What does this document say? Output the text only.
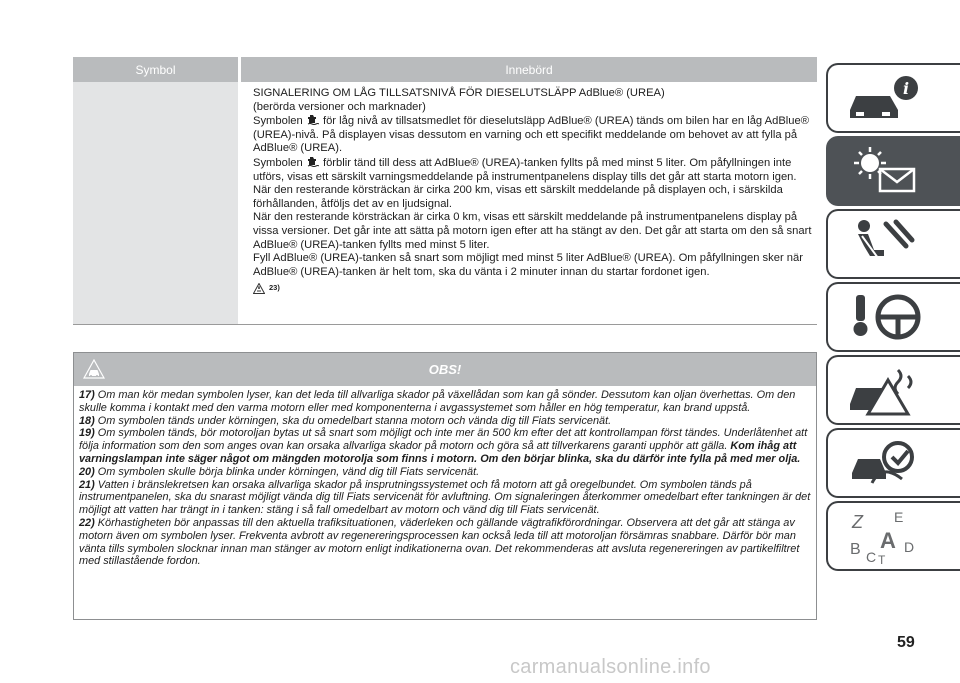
Symbol	Innebörd

SIGNALERING OM LÅG TILLSATSNIVÅ FÖR DIESELUTSLÄPP AdBlue® (UREA)

(berörda versioner och marknader)

Symbolen för låg nivå av tillsatsmedlet för dieselutsläpp AdBlue® (UREA) tänds om bilen har en låg AdBlue® (UREA)-nivå. På displayen visas dessutom en varning och ett specifikt meddelande om behovet av att fylla på AdBlue® (UREA).

Symbolen förblir tänd till dess att AdBlue® (UREA)-tanken fyllts på med minst 5 liter. Om påfyllningen inte utförs, visas ett särskilt varningsmeddelande på instrumentpanelens display tills det går att starta motorn igen.

När den resterande körsträckan är cirka 200 km, visas ett särskilt meddelande på displayen och, i särskilda förhållanden, åtföljs det av en ljudsignal.

När den resterande körsträckan är cirka 0 km, visas ett särskilt meddelande på instrumentpanelens display på vissa versioner. Det går inte att sätta på motorn igen efter att ha stängt av den. Det går att starta om den så snart AdBlue® (UREA)-tanken fyllts med minst 5 liter.

Fyll AdBlue® (UREA)-tanken så snart som möjligt med minst 5 liter AdBlue® (UREA). Om påfyllningen sker när AdBlue® (UREA)-tanken är helt tom, ska du vänta i 2 minuter innan du startar fordonet igen.

23)
OBS!

17) Om man kör medan symbolen lyser, kan det leda till allvarliga skador på växellådan som kan gå sönder. Dessutom kan oljan överhettas. Om den skulle komma i kontakt med den varma motorn eller med komponenterna i avgassystemet som håller en hög temperatur, kan brand uppstå.

18) Om symbolen tänds under körningen, ska du omedelbart stanna motorn och vända dig till Fiats servicenät.

19) Om symbolen tänds, bör motoroljan bytas ut så snart som möjligt och inte mer än 500 km efter det att kontrollampan först tändes. Underlåtenhet att följa information som den som anges ovan kan orsaka allvarliga skador på motorn och göra så att tillverkarens garanti upphör att gälla. Kom ihåg att varningslampan inte säger något om mängden motorolja som finns i motorn. Om den börjar blinka, ska du därför inte fylla på med mer olja.

20) Om symbolen skulle börja blinka under körningen, vänd dig till Fiats servicenät.

21) Vatten i bränslekretsen kan orsaka allvarliga skador på insprutningssystemet och få motorn att gå oregelbundet. Om symbolen tänds på instrumentpanelen, ska du snarast möjligt vända dig till Fiats servicenät för avluftning. Om signaleringen återkommer omedelbart efter tankningen är det möjligt att vatten har trängt in i tanken: stäng i så fall omedelbart av motorn och vänd dig till Fiats servicenät.

22) Körhastigheten bör anpassas till den aktuella trafiksituationen, väderleken och gällande vägtrafikförordningar. Observera att det går att stänga av motorn även om symbolen lyser. Frekventa avbrott av regenereringsprocessen kan också leda till att motoroljan försämras snabbare. Därför bör man vänta tills symbolen slocknar innan man stänger av motorn enligt indikationerna ovan. Det rekommenderas att avsluta regenereringen av partikelfiltret med stillastående fordon.

i
Z E
B A
C T
D
59
carmanualsonline.info
